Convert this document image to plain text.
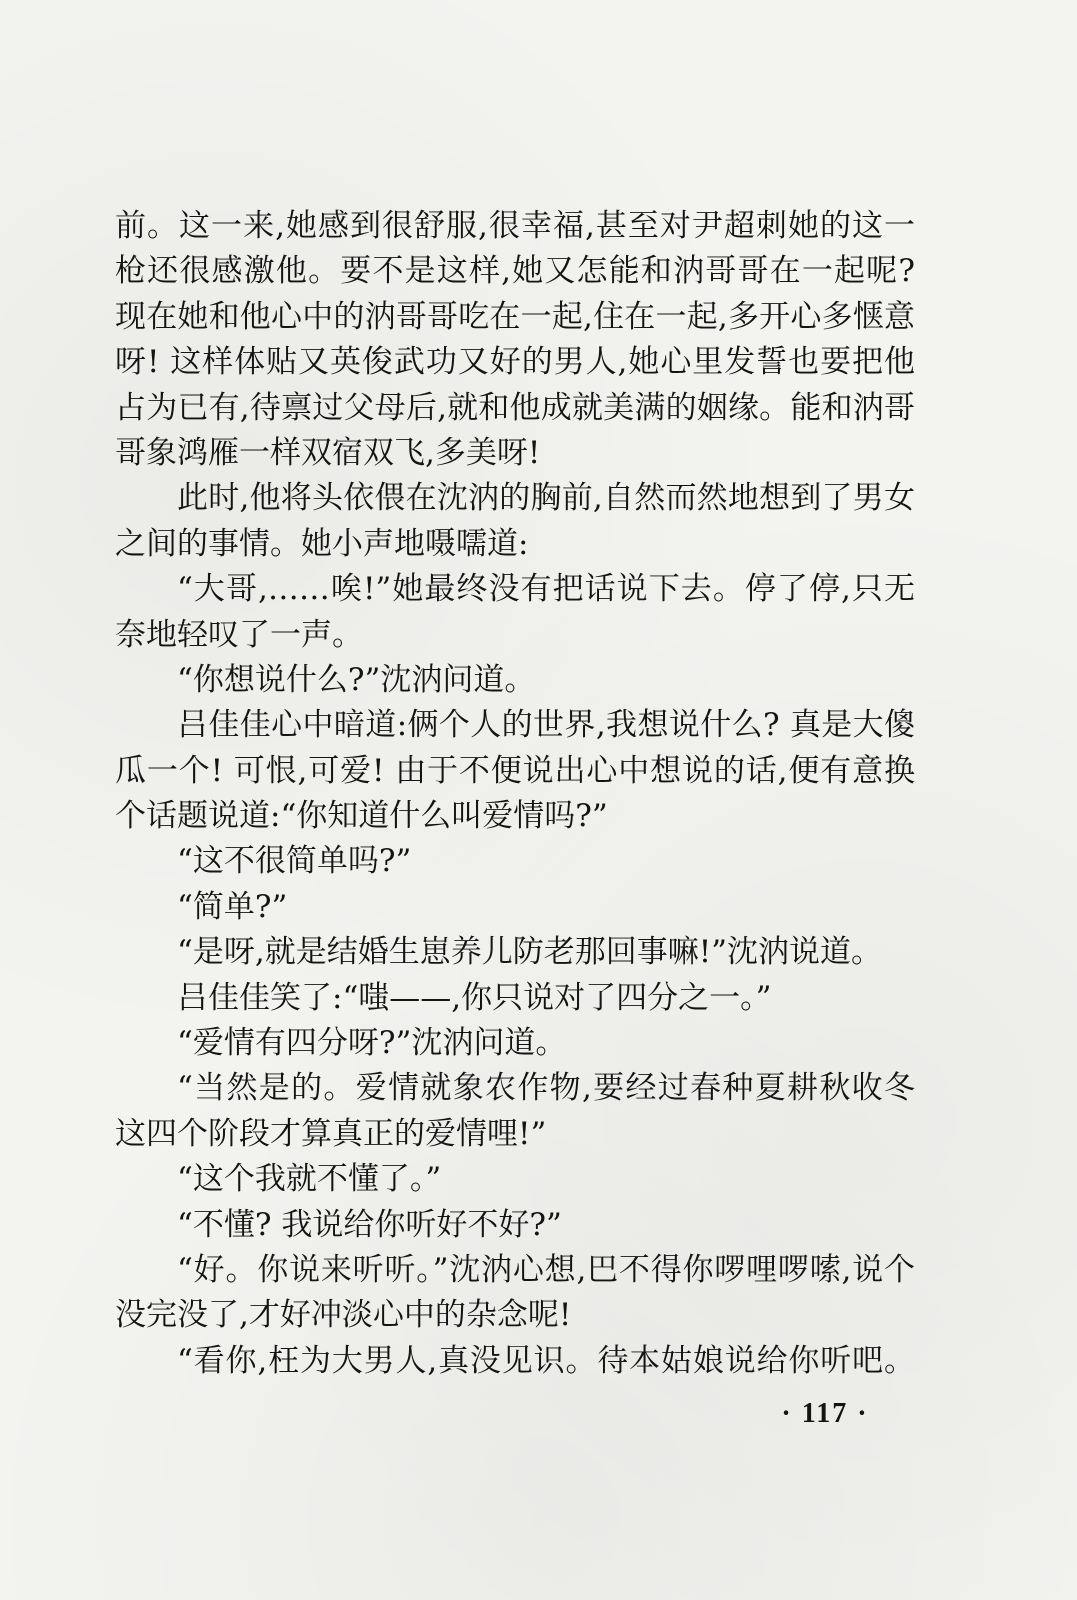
前。这一来,她感到很舒服,很幸福,甚至对尹超刺她的这一
枪还很感激他。要不是这样,她又怎能和汭哥哥在一起呢?
现在她和他心中的汭哥哥吃在一起,住在一起,多开心多惬意
呀! 这样体贴又英俊武功又好的男人,她心里发誓也要把他
占为已有,待禀过父母后,就和他成就美满的姻缘。能和汭哥
哥象鸿雁一样双宿双飞,多美呀!
此时,他将头依偎在沈汭的胸前,自然而然地想到了男女
之间的事情。她小声地嗫嚅道:
“大哥,……唉!”她最终没有把话说下去。停了停,只无
奈地轻叹了一声。
“你想说什么?”沈汭问道。
吕佳佳心中暗道:俩个人的世界,我想说什么? 真是大傻
瓜一个! 可恨,可爱! 由于不便说出心中想说的话,便有意换
个话题说道:“你知道什么叫爱情吗?”
“这不很简单吗?”
“简单?”
“是呀,就是结婚生崽养儿防老那回事嘛!”沈汭说道。
吕佳佳笑了:“嗤——,你只说对了四分之一。”
“爱情有四分呀?”沈汭问道。
“当然是的。爱情就象农作物,要经过春种夏耕秋收冬
这四个阶段才算真正的爱情哩!”
“这个我就不懂了。”
“不懂? 我说给你听好不好?”
“好。你说来听听。”沈汭心想,巴不得你啰哩啰嗦,说个
没完没了,才好冲淡心中的杂念呢!
“看你,枉为大男人,真没见识。待本姑娘说给你听吧。
· 117 ·
